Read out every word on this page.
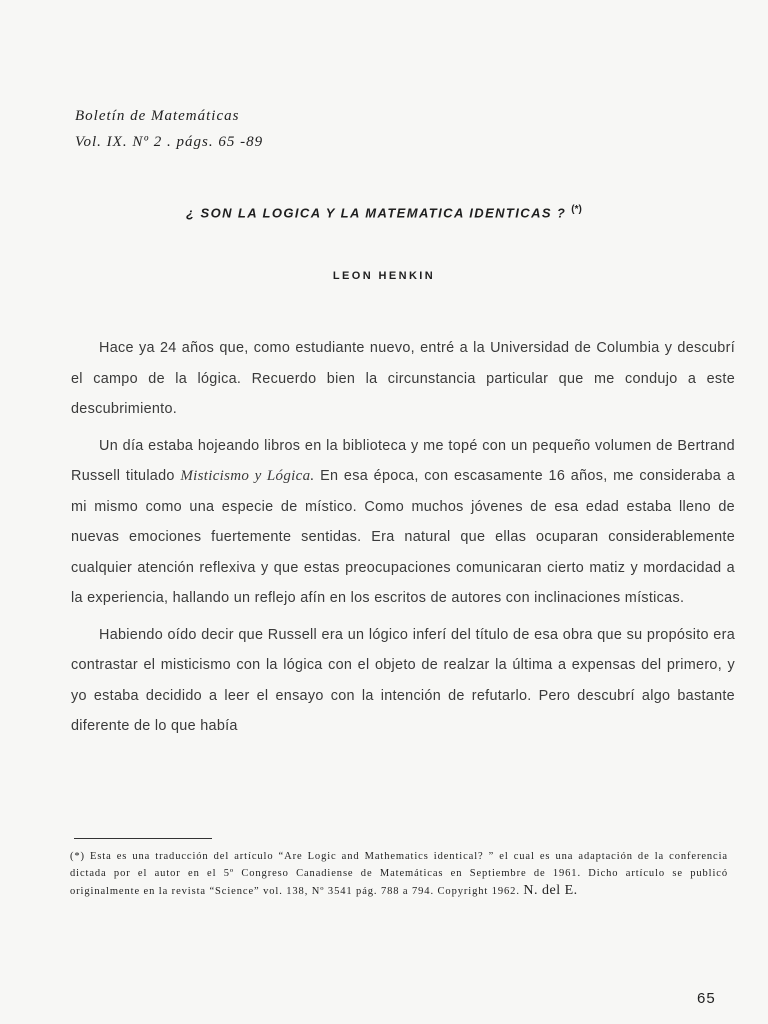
Boletín de Matemáticas
Vol. IX. Nº 2 . págs. 65 -89
¿ SON LA LOGICA Y LA MATEMATICA IDENTICAS ? (*)
LEON HENKIN

Hace ya 24 años que, como estudiante nuevo, entré a la Universidad de Columbia y descubrí el campo de la lógica. Recuerdo bien la circunstancia particular que me condujo a este descubrimiento.

Un día estaba hojeando libros en la biblioteca y me topé con un pequeño volumen de Bertrand Russell titulado Misticismo y Lógica. En esa época, con escasamente 16 años, me consideraba a mi mismo como una especie de místico. Como muchos jóvenes de esa edad estaba lleno de nuevas emociones fuertemente sentidas. Era natural que ellas ocuparan considerablemente cualquier atención reflexiva y que estas preocupaciones comunicaran cierto matiz y mordacidad a la experiencia, hallando un reflejo afín en los escritos de autores con inclinaciones místicas.

Habiendo oído decir que Russell era un lógico inferí del título de esa obra que su propósito era contrastar el misticismo con la lógica con el objeto de realzar la última a expensas del primero, y yo estaba decidido a leer el ensayo con la intención de refutarlo. Pero descubrí algo bastante diferente de lo que había

(*) Esta es una traducción del artículo “Are Logic and Mathematics identical? ” el cual es una adaptación de la conferencia dictada por el autor en el 5º Congreso Canadiense de Matemáticas en Septiembre de 1961. Dicho artículo se publicó originalmente en la revista “Science” vol. 138, Nº 3541 pág. 788 a 794. Copyright 1962. N. del E.
65
